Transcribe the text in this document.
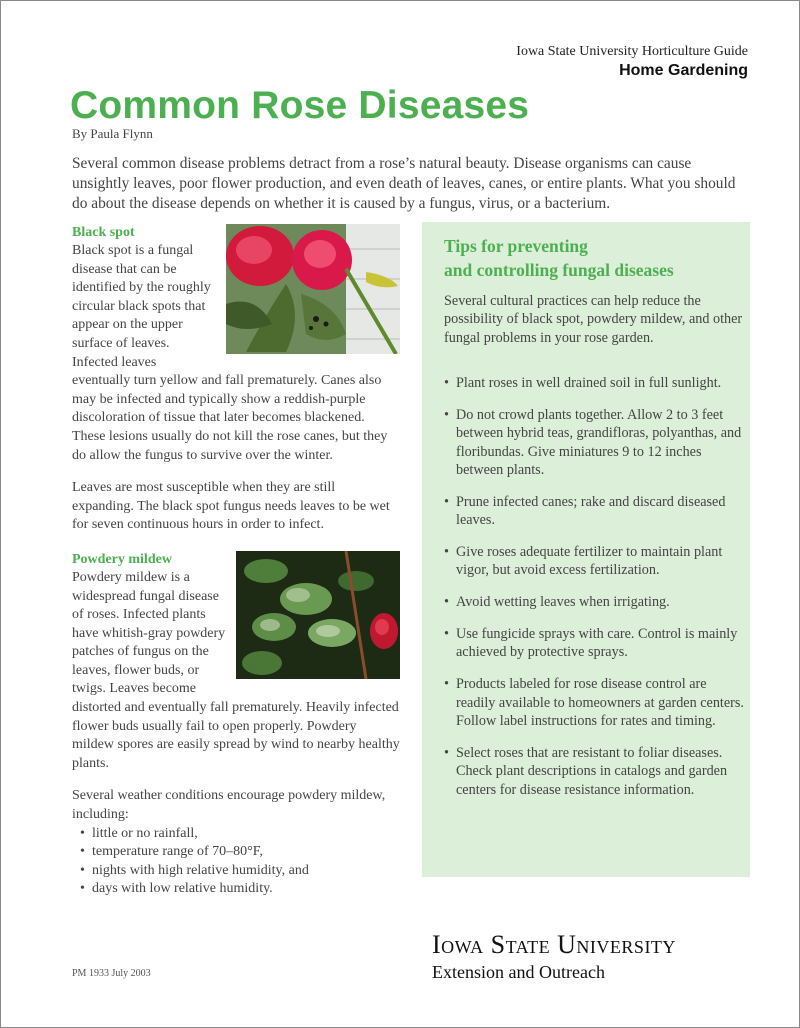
Iowa State University Horticulture Guide
Home Gardening
Common Rose Diseases
By Paula Flynn

Several common disease problems detract from a rose’s natural beauty. Disease organisms can cause unsightly leaves, poor flower production, and even death of leaves, canes, or entire plants. What you should do about the disease depends on whether it is caused by a fungus, virus, or a bacterium.

Black spot

Black spot is a fungal disease that can be identified by the roughly circular black spots that appear on the upper surface of leaves. Infected leaves eventually turn yellow and fall prematurely. Canes also may be infected and typically show a reddish-purple discoloration of tissue that later becomes blackened. These lesions usually do not kill the rose canes, but they do allow the fungus to survive over the winter.

Leaves are most susceptible when they are still expanding. The black spot fungus needs leaves to be wet for seven continuous hours in order to infect.

Powdery mildew

Powdery mildew is a widespread fungal disease of roses. Infected plants have whitish-gray powdery patches of fungus on the leaves, flower buds, or twigs. Leaves become distorted and eventually fall prematurely. Heavily infected flower buds usually fail to open properly. Powdery mildew spores are easily spread by wind to nearby healthy plants.

Several weather conditions encourage powdery mildew, including:

• little or no rainfall,
• temperature range of 70–80°F,
• nights with high relative humidity, and
• days with low relative humidity.
Tips for preventing
and controlling fungal diseases

Several cultural practices can help reduce the possibility of black spot, powdery mildew, and other fungal problems in your rose garden.

• Plant roses in well drained soil in full sunlight.
• Do not crowd plants together. Allow 2 to 3 feet between hybrid teas, grandifloras, polyanthas, and floribundas. Give miniatures 9 to 12 inches between plants.
• Prune infected canes; rake and discard diseased leaves.
• Give roses adequate fertilizer to maintain plant vigor, but avoid excess fertilization.
• Avoid wetting leaves when irrigating.
• Use fungicide sprays with care. Control is mainly achieved by protective sprays.
• Products labeled for rose disease control are readily available to homeowners at garden centers. Follow label instructions for rates and timing.
• Select roses that are resistant to foliar diseases. Check plant descriptions in catalogs and garden centers for disease resistance information.
PM 1933 July 2003
Iowa State University
Extension and Outreach
